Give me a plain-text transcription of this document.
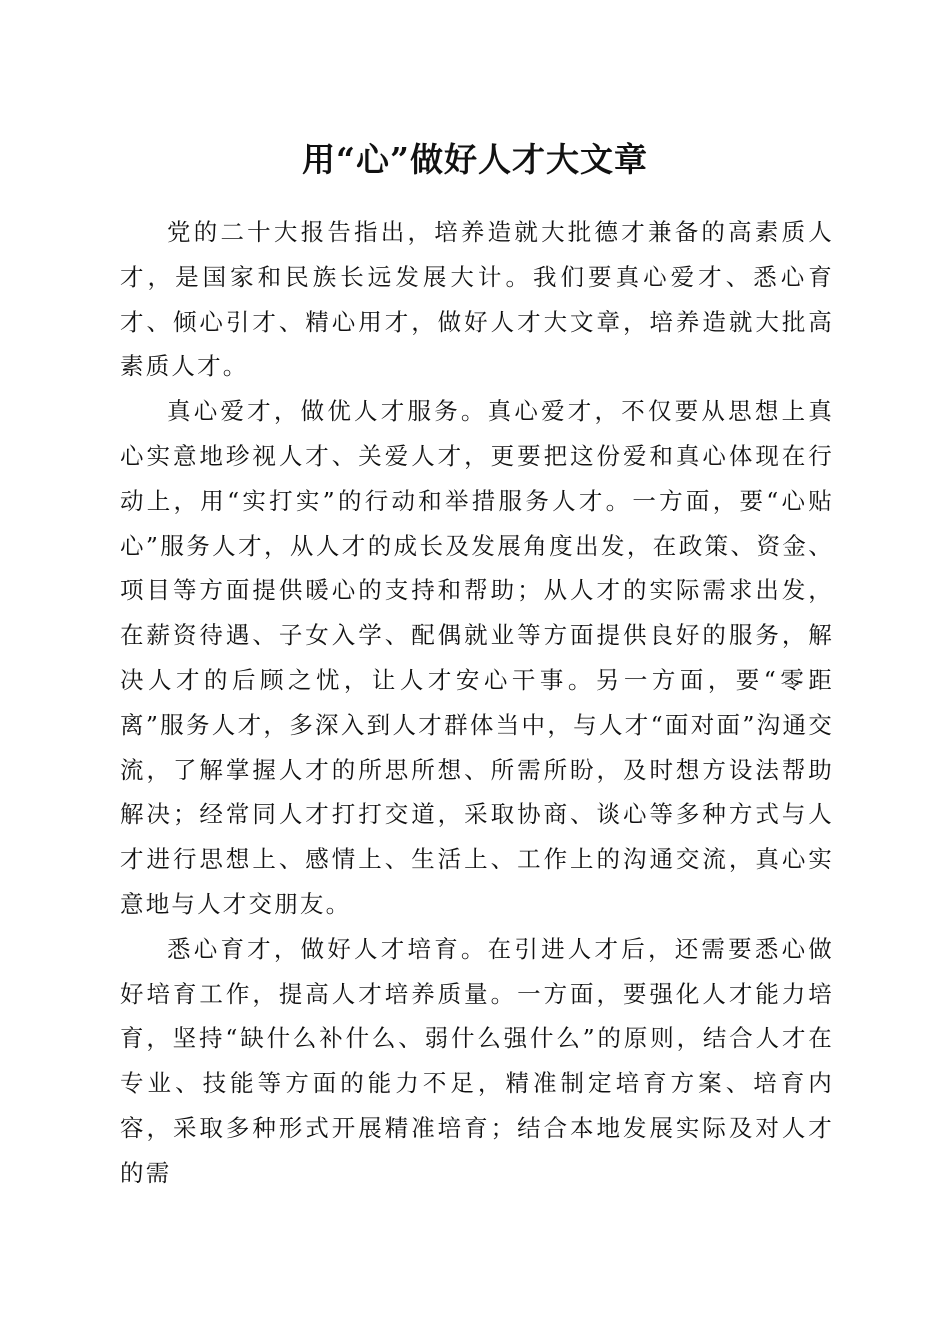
用“心”做好人才大文章

党的二十大报告指出，培养造就大批德才兼备的高素质人才，是国家和民族长远发展大计。我们要真心爱才、悉心育才、倾心引才、精心用才，做好人才大文章，培养造就大批高素质人才。

真心爱才，做优人才服务。真心爱才，不仅要从思想上真心实意地珍视人才、关爱人才，更要把这份爱和真心体现在行动上，用“实打实”的行动和举措服务人才。一方面，要“心贴心”服务人才，从人才的成长及发展角度出发，在政策、资金、项目等方面提供暖心的支持和帮助；从人才的实际需求出发，在薪资待遇、子女入学、配偶就业等方面提供良好的服务，解决人才的后顾之忧，让人才安心干事。另一方面，要“零距离”服务人才，多深入到人才群体当中，与人才“面对面”沟通交流，了解掌握人才的所思所想、所需所盼，及时想方设法帮助解决；经常同人才打打交道，采取协商、谈心等多种方式与人才进行思想上、感情上、生活上、工作上的沟通交流，真心实意地与人才交朋友。

悉心育才，做好人才培育。在引进人才后，还需要悉心做好培育工作，提高人才培养质量。一方面，要强化人才能力培育，坚持“缺什么补什么、弱什么强什么”的原则，结合人才在专业、技能等方面的能力不足，精准制定培育方案、培育内容，采取多种形式开展精准培育；结合本地发展实际及对人才的需
